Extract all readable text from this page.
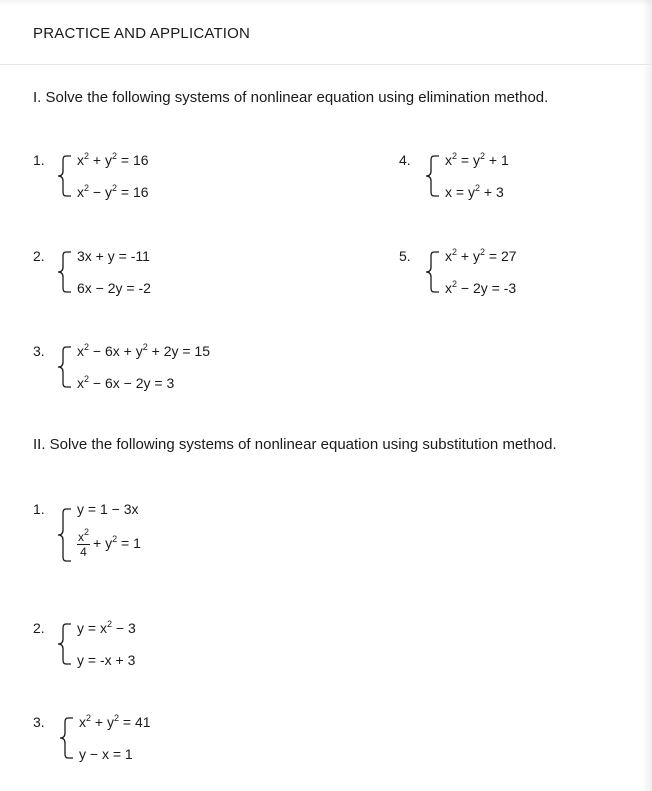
PRACTICE AND APPLICATION
I. Solve the following systems of nonlinear equation using elimination method.
1. $x^2 + y^2 = 16$
$x^2 - y^2 = 16$
4. $x^2 = y^2 + 1$
$x = y^2 + 3$
2. 3x + y = -11
6x − 2y = -2
5. $x^2 + y^2 = 27$
$x^2 - 2y = -3$
3. $x^2 - 6x + y^2 + 2y = 15$
$x^2 - 6x - 2y = 3$
II. Solve the following systems of nonlinear equation using substitution method.
1. y = 1 − 3x
$\frac{x^2}{4} + y^2 = 1$
2. $y = x^2 - 3$
y = -x + 3
3. $x^2 + y^2 = 41$
y − x = 1
